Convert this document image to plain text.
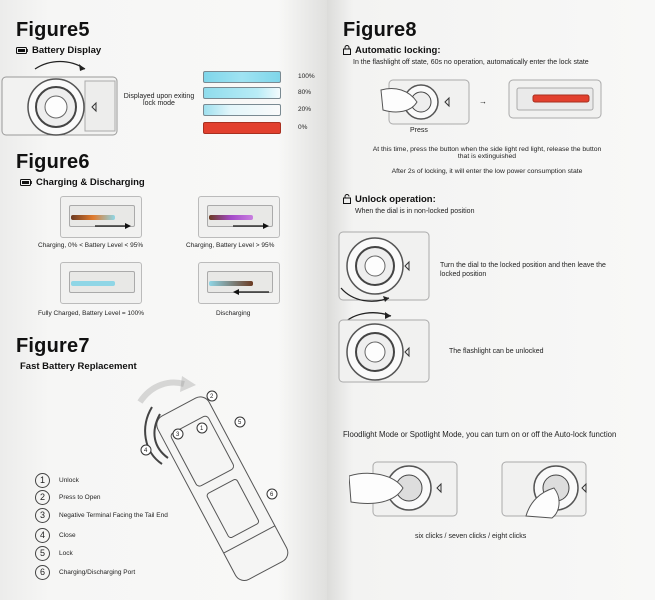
Figure5
Battery Display
Displayed upon exiting lock mode
100%
80%
20%
0%
Figure6
Charging & Discharging
Charging, 0% < Battery Level < 95%	Charging, Battery Level > 95%
Fully Charged, Battery Level = 100%	Discharging
Figure7
Fast Battery Replacement
2
3
1
5
4
6
1	Unlock
2	Press to Open
3	Negative Terminal Facing the Tail End
4	Close
5	Lock
6	Charging/Discharging Port
Figure8
Automatic locking:
In the flashlight off state, 60s no operation, automatically enter the lock state
Press
→
At this time, press the button when the side light red light, release the button that is extinguished
After 2s of locking, it will enter the low power consumption state
Unlock operation:
When the dial is in non-locked position
Turn the dial to the locked position and then leave the locked position
The flashlight can be unlocked
Floodlight Mode or Spotlight Mode, you can turn on or off the Auto-lock function
six clicks / seven clicks / eight clicks
